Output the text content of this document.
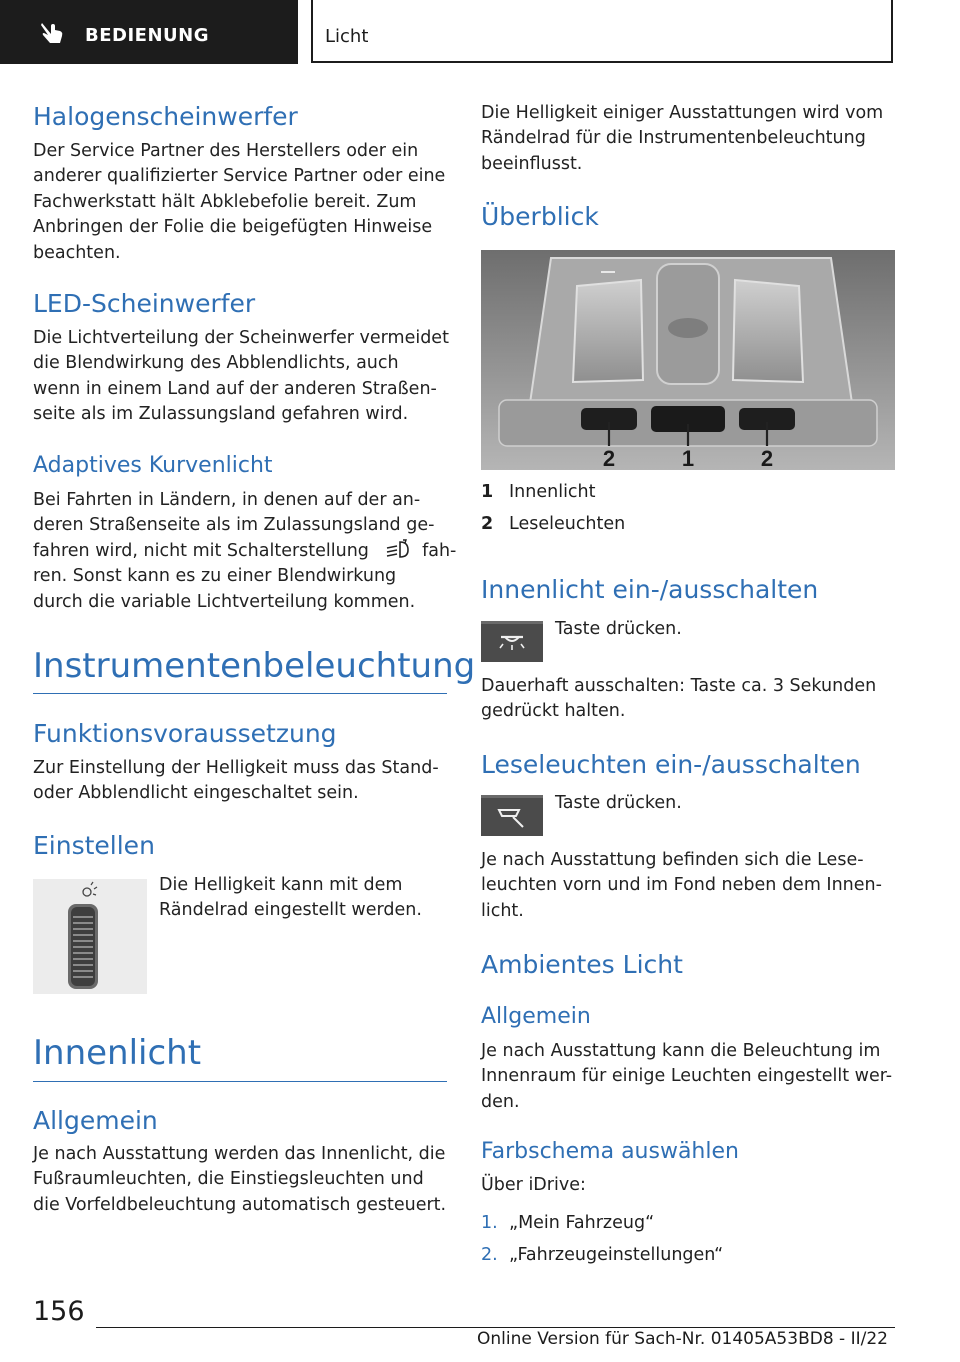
BEDIENUNG	Licht
Halogenscheinwerfer
Der Service Partner des Herstellers oder ein
anderer qualifizierter Service Partner oder eine
Fachwerkstatt hält Abklebefolie bereit. Zum
Anbringen der Folie die beigefügten Hinweise
beachten.
LED-Scheinwerfer
Die Lichtverteilung der Scheinwerfer vermeidet
die Blendwirkung des Abblendlichts, auch
wenn in einem Land auf der anderen Straßen-
seite als im Zulassungsland gefahren wird.
Adaptives Kurvenlicht
Bei Fahrten in Ländern, in denen auf der an-
deren Straßenseite als im Zulassungsland ge-
fahren wird, nicht mit Schalterstellung	fah-
ren. Sonst kann es zu einer Blendwirkung
durch die variable Lichtverteilung kommen.
Instrumentenbeleuchtung
Funktionsvoraussetzung
Zur Einstellung der Helligkeit muss das Stand-
oder Abblendlicht eingeschaltet sein.
Einstellen
Die Helligkeit kann mit dem
Rändelrad eingestellt werden.
Innenlicht
Allgemein
Je nach Ausstattung werden das Innenlicht, die
Fußraumleuchten, die Einstiegsleuchten und
die Vorfeldbeleuchtung automatisch gesteuert.
Die Helligkeit einiger Ausstattungen wird vom
Rändelrad für die Instrumentenbeleuchtung
beeinflusst.
Überblick
2	1	2
1 Innenlicht
2 Leseleuchten
Innenlicht ein-/ausschalten
Taste drücken.
Dauerhaft ausschalten: Taste ca. 3 Sekunden
gedrückt halten.
Leseleuchten ein-/ausschalten
Taste drücken.
Je nach Ausstattung befinden sich die Lese-
leuchten vorn und im Fond neben dem Innen-
licht.
Ambientes Licht
Allgemein
Je nach Ausstattung kann die Beleuchtung im
Innenraum für einige Leuchten eingestellt wer-
den.
Farbschema auswählen
Über iDrive:
1. „Mein Fahrzeug“
2. „Fahrzeugeinstellungen“
156
Online Version für Sach-Nr. 01405A53BD8 - II/22
